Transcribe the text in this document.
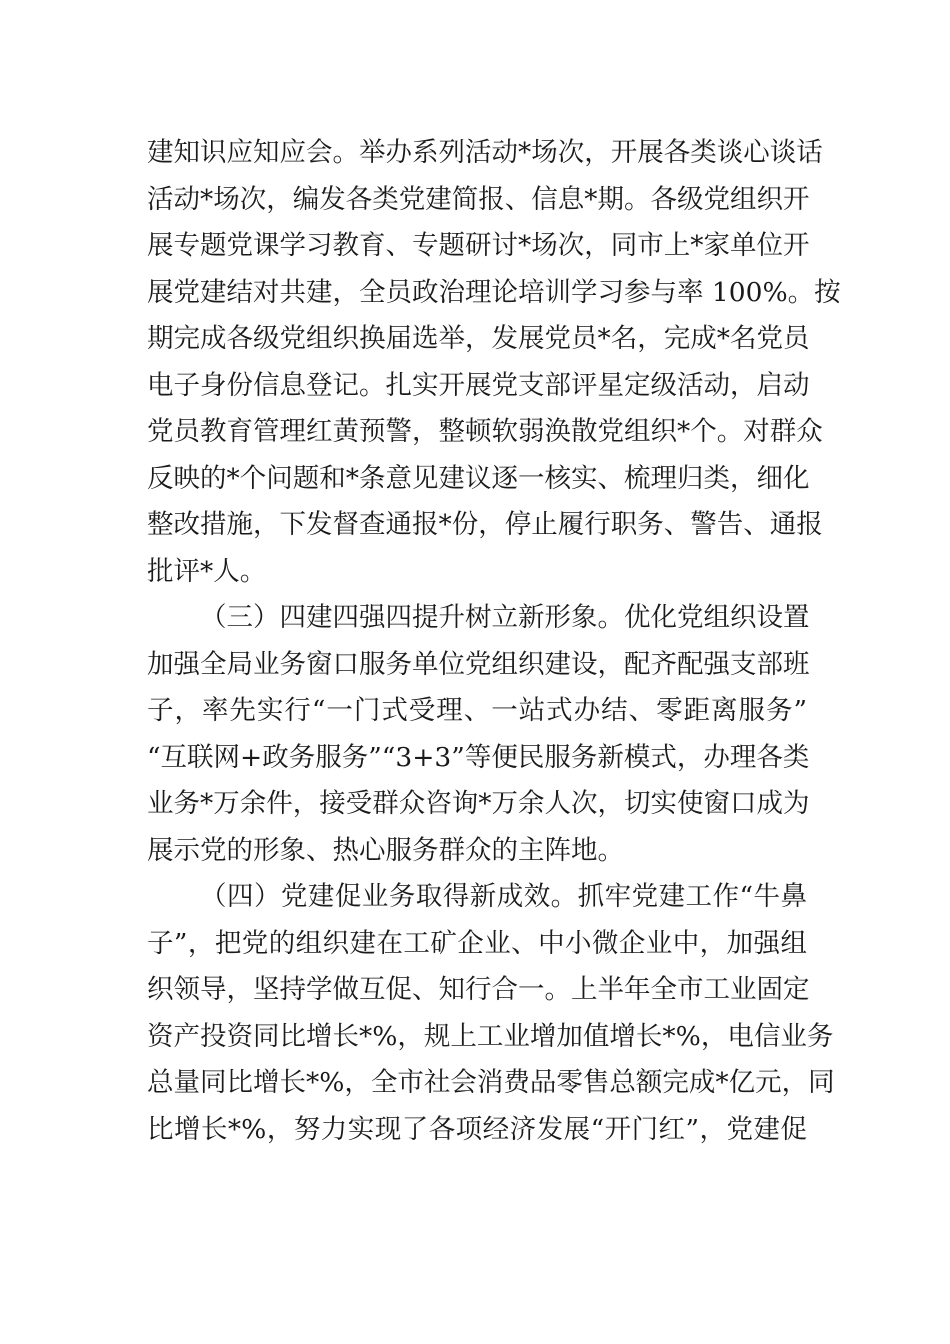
建知识应知应会。举办系列活动*场次，开展各类谈心谈话
活动*场次，编发各类党建简报、信息*期。各级党组织开
展专题党课学习教育、专题研讨*场次，同市上*家单位开
展党建结对共建，全员政治理论培训学习参与率 100%。按
期完成各级党组织换届选举，发展党员*名，完成*名党员
电子身份信息登记。扎实开展党支部评星定级活动，启动
党员教育管理红黄预警，整顿软弱涣散党组织*个。对群众
反映的*个问题和*条意见建议逐一核实、梳理归类，细化
整改措施，下发督查通报*份，停止履行职务、警告、通报
批评*人。
（三）四建四强四提升树立新形象。优化党组织设置
加强全局业务窗口服务单位党组织建设，配齐配强支部班
子，率先实行“一门式受理、一站式办结、零距离服务”
“互联网+政务服务”“3+3”等便民服务新模式，办理各类
业务*万余件，接受群众咨询*万余人次，切实使窗口成为
展示党的形象、热心服务群众的主阵地。
（四）党建促业务取得新成效。抓牢党建工作“牛鼻
子”，把党的组织建在工矿企业、中小微企业中，加强组
织领导，坚持学做互促、知行合一。上半年全市工业固定
资产投资同比增长*%，规上工业增加值增长*%，电信业务
总量同比增长*%，全市社会消费品零售总额完成*亿元，同
比增长*%，努力实现了各项经济发展“开门红”，党建促
